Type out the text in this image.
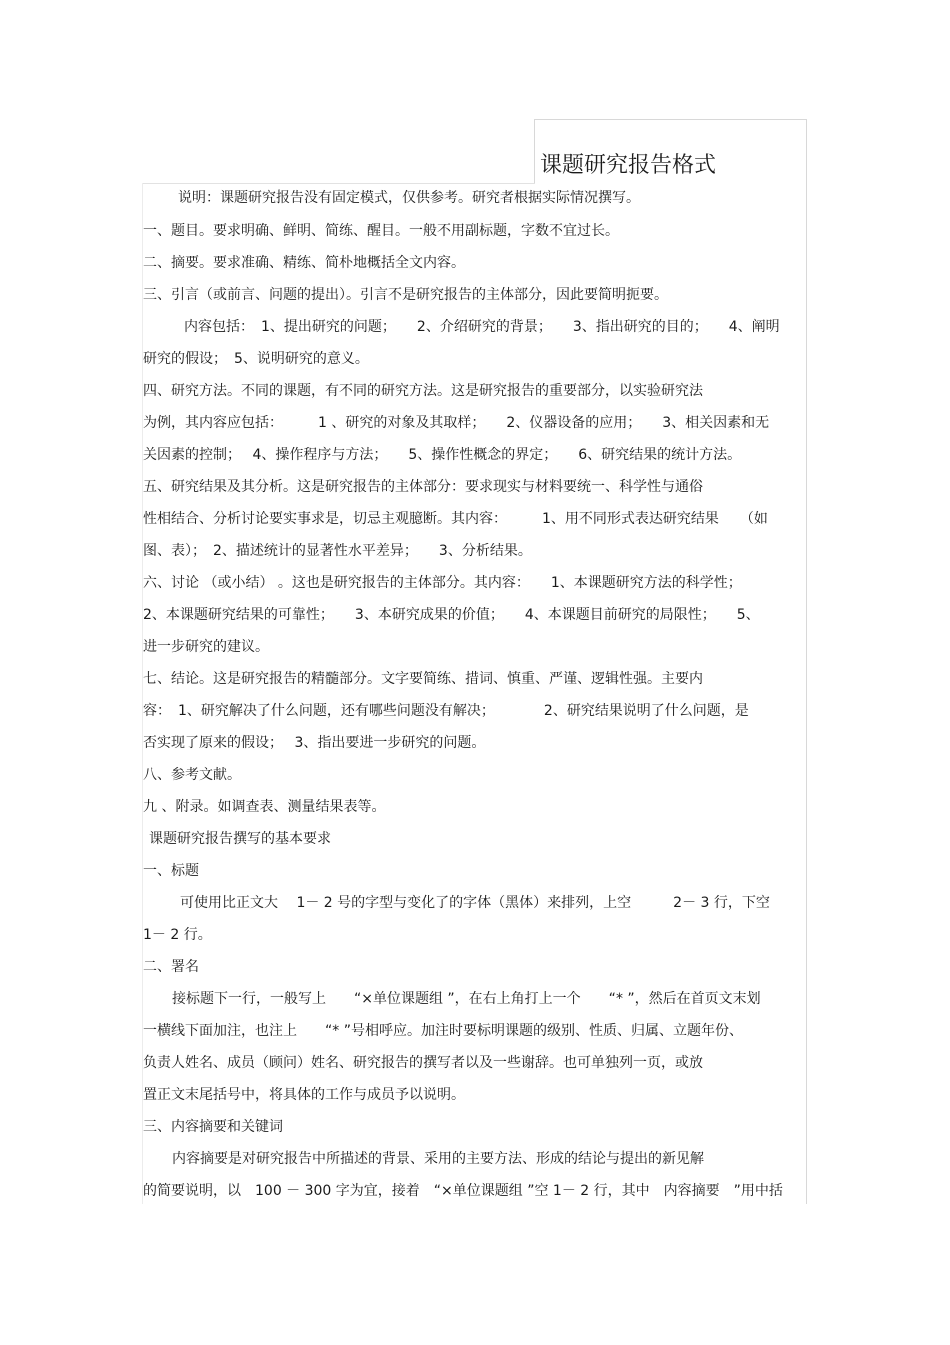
课题研究报告格式
说明：课题研究报告没有固定模式，仅供参考。研究者根据实际情况撰写。
一、题目。要求明确、鲜明、简练、醒目。一般不用副标题，字数不宜过长。
二、摘要。要求准确、精练、简朴地概括全文内容。
三、引言（或前言、问题的提出）。引言不是研究报告的主体部分，因此要简明扼要。
内容包括：　1、提出研究的问题；　　2、介绍研究的背景；　　3、指出研究的目的；　　4、阐明
研究的假设；　5、说明研究的意义。
四、研究方法。不同的课题，有不同的研究方法。这是研究报告的重要部分，以实验研究法
为例，其内容应包括：　　　1 、研究的对象及其取样；　　2、仪器设备的应用；　　3、相关因素和无
关因素的控制；　 4、操作程序与方法；　　5、操作性概念的界定；　　6、研究结果的统计方法。
五、研究结果及其分析。这是研究报告的主体部分：要求现实与材料要统一、科学性与通俗
性相结合、分析讨论要实事求是，切忌主观臆断。其内容：　　　1、用不同形式表达研究结果　　（如
图、表）；　2、描述统计的显著性水平差异；　　3、分析结果。
六、讨论 （或小结） 。这也是研究报告的主体部分。其内容：　　1、本课题研究方法的科学性；
2、本课题研究结果的可靠性；　　3、本研究成果的价值；　　4、本课题目前研究的局限性；　　5、
进一步研究的建议。
七、结论。这是研究报告的精髓部分。文字要简练、措词、慎重、严谨、逻辑性强。主要内
容：　1、研究解决了什么问题，还有哪些问题没有解决；　　　　2、研究结果说明了什么问题，是
否实现了原来的假设；　 3、指出要进一步研究的问题。
八、参考文献。
九 、附录。如调查表、测量结果表等。
课题研究报告撰写的基本要求
一、标题
可使用比正文大　 1－ 2 号的字型与变化了的字体（黑体）来排列，上空　　　2－ 3 行，下空
1－ 2 行。
二、署名
接标题下一行，一般写上　　“×单位课题组 ”，在右上角打上一个　　“* ”，然后在首页文末划
一横线下面加注，也注上　　“* ”号相呼应。加注时要标明课题的级别、性质、归属、立题年份、
负责人姓名、成员（顾问）姓名、研究报告的撰写者以及一些谢辞。也可单独列一页，或放
置正文末尾括号中，将具体的工作与成员予以说明。
三、内容摘要和关键词
内容摘要是对研究报告中所描述的背景、采用的主要方法、形成的结论与提出的新见解
的简要说明，以　100 － 300 字为宜，接着　“×单位课题组 ”空 1－ 2 行，其中　内容摘要　”用中括
